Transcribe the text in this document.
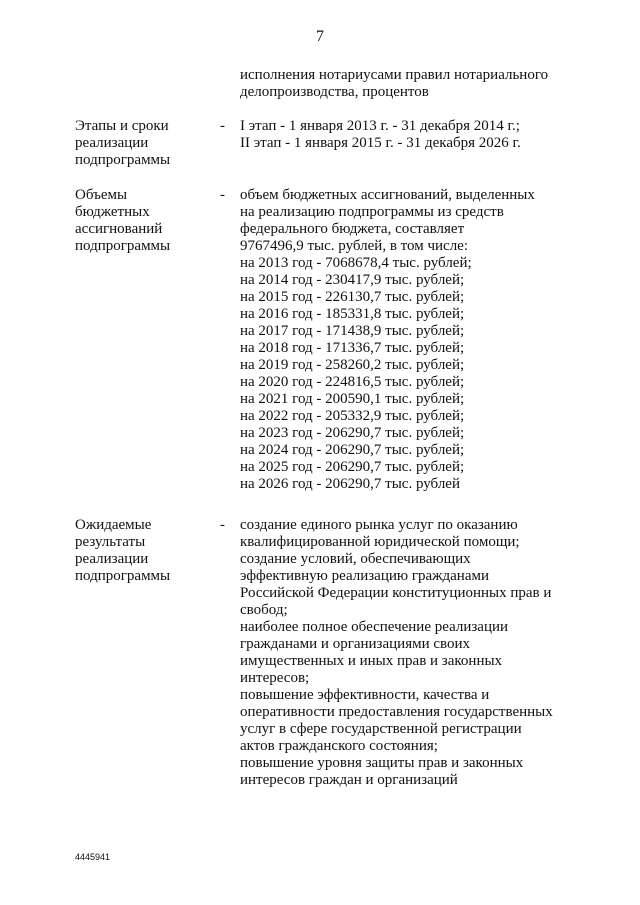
7
исполнения нотариусами правил нотариального
делопроизводства, процентов
Этапы и сроки
реализации
подпрограммы
- I этап - 1 января 2013 г. - 31 декабря 2014 г.;
II этап - 1 января 2015 г. - 31 декабря 2026 г.
Объемы
бюджетных
ассигнований
подпрограммы
- объем бюджетных ассигнований, выделенных
на реализацию подпрограммы из средств
федерального бюджета, составляет
9767496,9 тыс. рублей, в том числе:
на 2013 год - 7068678,4 тыс. рублей;
на 2014 год - 230417,9 тыс. рублей;
на 2015 год - 226130,7 тыс. рублей;
на 2016 год - 185331,8 тыс. рублей;
на 2017 год - 171438,9 тыс. рублей;
на 2018 год - 171336,7 тыс. рублей;
на 2019 год - 258260,2 тыс. рублей;
на 2020 год - 224816,5 тыс. рублей;
на 2021 год - 200590,1 тыс. рублей;
на 2022 год - 205332,9 тыс. рублей;
на 2023 год - 206290,7 тыс. рублей;
на 2024 год - 206290,7 тыс. рублей;
на 2025 год - 206290,7 тыс. рублей;
на 2026 год - 206290,7 тыс. рублей
Ожидаемые
результаты
реализации
подпрограммы
- создание единого рынка услуг по оказанию
квалифицированной юридической помощи;
создание условий, обеспечивающих
эффективную реализацию гражданами
Российской Федерации конституционных прав и
свобод;
наиболее полное обеспечение реализации
гражданами и организациями своих
имущественных и иных прав и законных
интересов;
повышение эффективности, качества и
оперативности предоставления государственных
услуг в сфере государственной регистрации
актов гражданского состояния;
повышение уровня защиты прав и законных
интересов граждан и организаций
4445941
